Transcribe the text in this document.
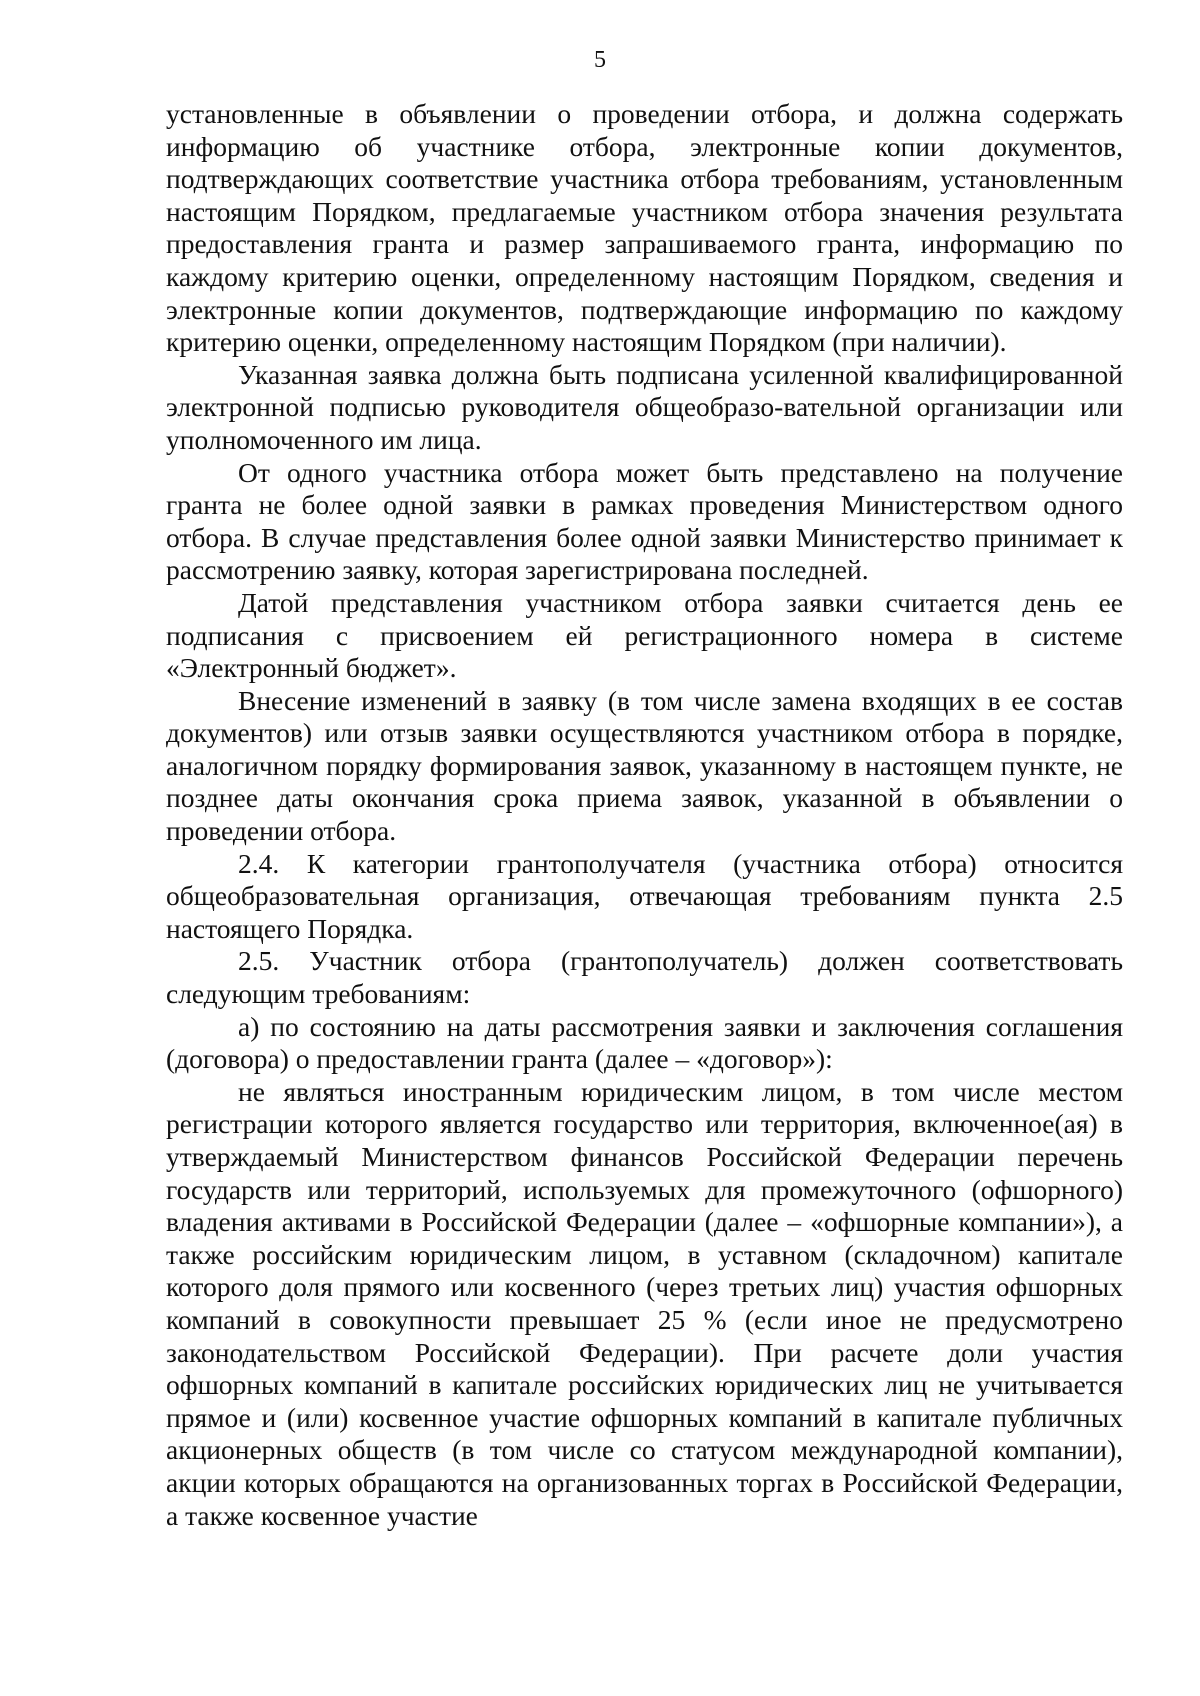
5

установленные в объявлении о проведении отбора, и должна содержать информацию об участнике отбора, электронные копии документов, подтверждающих соответствие участника отбора требованиям, установленным настоящим Порядком, предлагаемые участником отбора значения результата предоставления гранта и размер запрашиваемого гранта, информацию по каждому критерию оценки, определенному настоящим Порядком, сведения и электронные копии документов, подтверждающие информацию по каждому критерию оценки, определенному настоящим Порядком (при наличии).

Указанная заявка должна быть подписана усиленной квалифицированной электронной подписью руководителя общеобразо-вательной организации или уполномоченного им лица.

От одного участника отбора может быть представлено на получение гранта не более одной заявки в рамках проведения Министерством одного отбора. В случае представления более одной заявки Министерство принимает к рассмотрению заявку, которая зарегистрирована последней.

Датой представления участником отбора заявки считается день ее подписания с присвоением ей регистрационного номера в системе «Электронный бюджет».

Внесение изменений в заявку (в том числе замена входящих в ее состав документов) или отзыв заявки осуществляются участником отбора в порядке, аналогичном порядку формирования заявок, указанному в настоящем пункте, не позднее даты окончания срока приема заявок, указанной в объявлении о проведении отбора.

2.4. К категории грантополучателя (участника отбора) относится общеобразовательная организация, отвечающая требованиям пункта 2.5 настоящего Порядка.

2.5. Участник отбора (грантополучатель) должен соответствовать следующим требованиям:

а) по состоянию на даты рассмотрения заявки и заключения соглашения (договора) о предоставлении гранта (далее – «договор»):

не являться иностранным юридическим лицом, в том числе местом регистрации которого является государство или территория, включенное(ая) в утверждаемый Министерством финансов Российской Федерации перечень государств или территорий, используемых для промежуточного (офшорного) владения активами в Российской Федерации (далее – «офшорные компании»), а также российским юридическим лицом, в уставном (складочном) капитале которого доля прямого или косвенного (через третьих лиц) участия офшорных компаний в совокупности превышает 25 % (если иное не предусмотрено законодательством Российской Федерации). При расчете доли участия офшорных компаний в капитале российских юридических лиц не учитывается прямое и (или) косвенное участие офшорных компаний в капитале публичных акционерных обществ (в том числе со статусом международной компании), акции которых обращаются на организованных торгах в Российской Федерации, а также косвенное участие
